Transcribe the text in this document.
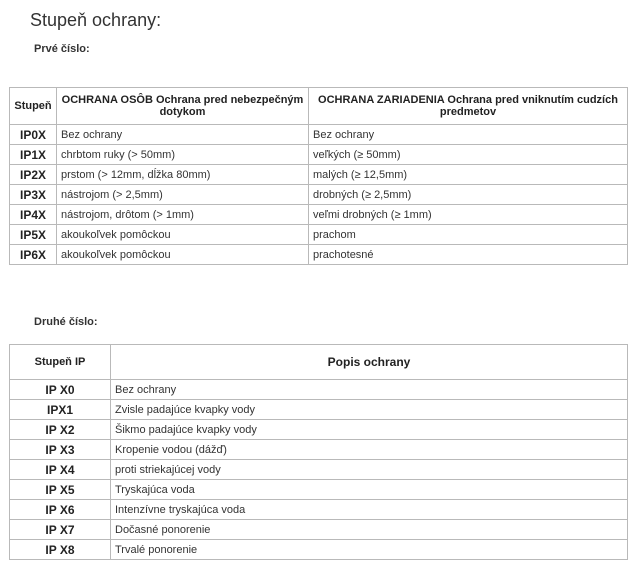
Stupeň ochrany:
Prvé číslo:
Stupeň	OCHRANA OSÔB Ochrana pred nebezpečným dotykom	OCHRANA ZARIADENIA Ochrana pred vniknutím cudzích predmetov
IP0X	Bez ochrany	Bez ochrany
IP1X	chrbtom ruky (> 50mm)	veľkých (≥ 50mm)
IP2X	prstom (> 12mm, dĺžka 80mm)	malých (≥ 12,5mm)
IP3X	nástrojom (> 2,5mm)	drobných (≥ 2,5mm)
IP4X	nástrojom, drôtom (> 1mm)	veľmi drobných (≥ 1mm)
IP5X	akoukoľvek pomôckou	prachom
IP6X	akoukoľvek pomôckou	prachotesné
Druhé číslo:
Stupeň IP	Popis ochrany
IP X0	Bez ochrany
IPX1	Zvisle padajúce kvapky vody
IP X2	Šikmo padajúce kvapky vody
IP X3	Kropenie vodou (dážď)
IP X4	proti striekajúcej vody
IP X5	Tryskajúca voda
IP X6	Intenzívne tryskajúca voda
IP X7	Dočasné ponorenie
IP X8	Trvalé ponorenie
